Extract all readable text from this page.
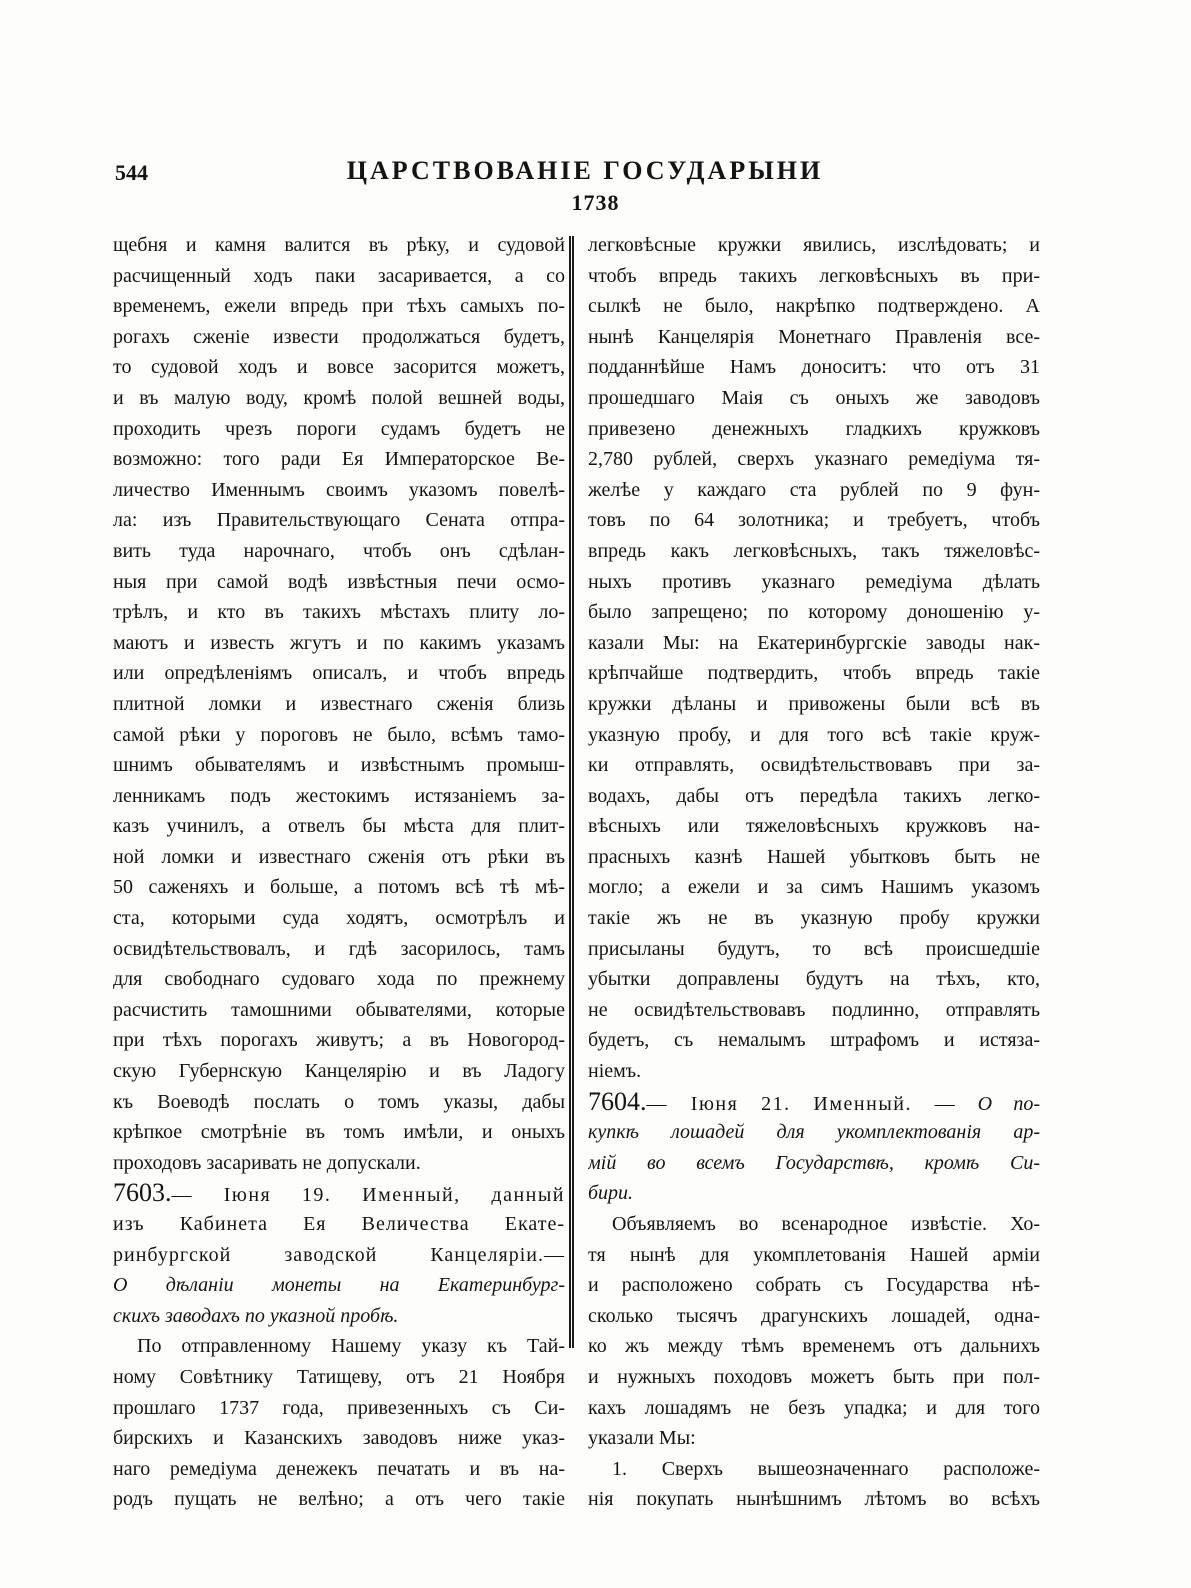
544	ЦАРСТВОВАНІЕ ГОСУДАРЫНИ
1738
щебня и камня валится въ рѣку, и судовой
расчищенный ходъ паки засаривается, а со
временемъ, ежели впредь при тѣхъ самыхъ по-
рогахъ сженіе извести продолжаться будетъ,
то судовой ходъ и вовсе засорится можетъ,
и въ малую воду, кромѣ полой вешней воды,
проходить чрезъ пороги судамъ будетъ не
возможно: того ради Ея Императорское Ве-
личество Именнымъ своимъ указомъ повелѣ-
ла: изъ Правительствующаго Сената отпра-
вить туда нарочнаго, чтобъ онъ сдѣлан-
ныя при самой водѣ извѣстныя печи осмо-
трѣлъ, и кто въ такихъ мѣстахъ плиту ло-
маютъ и известь жгутъ и по какимъ указамъ
или опредѣленіямъ описалъ, и чтобъ впредь
плитной ломки и известнаго сженія близь
самой рѣки у пороговъ не было, всѣмъ тамо-
шнимъ обывателямъ и извѣстнымъ промыш-
ленникамъ подъ жестокимъ истязаніемъ за-
казъ учинилъ, а отвелъ бы мѣста для плит-
ной ломки и известнаго сженія отъ рѣки въ
50 саженяхъ и больше, а потомъ всѣ тѣ мѣ-
ста, которыми суда ходятъ, осмотрѣлъ и
освидѣтельствовалъ, и гдѣ засорилось, тамъ
для свободнаго судоваго хода по прежнему
расчистить тамошними обывателями, которые
при тѣхъ порогахъ живутъ; а въ Новогород-
скую Губернскую Канцелярію и въ Ладогу
къ Воеводѣ послать о томъ указы, дабы
крѣпкое смотрѣніе въ томъ имѣли, и оныхъ
проходовъ засаривать не допускали.
7603.— Іюня 19. Именный, данный
изъ Кабинета Ея Величества Екате-
ринбургской заводской Канцеляріи.—
О дѣланіи монеты на Екатеринбург-
скихъ заводахъ по указной пробѣ.
По отправленному Нашему указу къ Тай-
ному Совѣтнику Татищеву, отъ 21 Ноября
прошлаго 1737 года, привезенныхъ съ Си-
бирскихъ и Казанскихъ заводовъ ниже указ-
наго ремедіума денежекъ печатать и въ на-
родъ пущать не велѣно; а отъ чего такіе
легковѣсные кружки явились, изслѣдовать; и
чтобъ впредь такихъ легковѣсныхъ въ при-
сылкѣ не было, накрѣпко подтверждено. А
нынѣ Канцелярія Монетнаго Правленія все-
подданнѣйше Намъ доноситъ: что отъ 31
прошедшаго Маія съ оныхъ же заводовъ
привезено денежныхъ гладкихъ кружковъ
2,780 рублей, сверхъ указнаго ремедіума тя-
желѣе у каждаго ста рублей по 9 фун-
товъ по 64 золотника; и требуетъ, чтобъ
впредь какъ легковѣсныхъ, такъ тяжеловѣс-
ныхъ противъ указнаго ремедіума дѣлать
было запрещено; по которому доношенію у-
казали Мы: на Екатеринбургскіе заводы нак-
крѣпчайше подтвердить, чтобъ впредь такіе
кружки дѣланы и привожены были всѣ въ
указную пробу, и для того всѣ такіе круж-
ки отправлять, освидѣтельствовавъ при за-
водахъ, дабы отъ передѣла такихъ легко-
вѣсныхъ или тяжеловѣсныхъ кружковъ на-
прасныхъ казнѣ Нашей убытковъ быть не
могло; а ежели и за симъ Нашимъ указомъ
такіе жъ не въ указную пробу кружки
присыланы будутъ, то всѣ происшедшіе
убытки доправлены будутъ на тѣхъ, кто,
не освидѣтельствовавъ подлинно, отправлять
будетъ, съ немалымъ штрафомъ и истяза-
ніемъ.
7604.— Іюня 21. Именный. — О по-
купкѣ лошадей для укомплектованія ар-
мій во всемъ Государствѣ, кромѣ Си-
бири.
Объявляемъ во всенародное извѣстіе. Хо-
тя нынѣ для укомплетованія Нашей арміи
и расположено собрать съ Государства нѣ-
сколько тысячъ драгунскихъ лошадей, одна-
ко жъ между тѣмъ временемъ отъ дальнихъ
и нужныхъ походовъ можетъ быть при пол-
кахъ лошадямъ не безъ упадка; и для того
указали Мы:
1. Сверхъ вышеозначеннаго расположе-
нія покупать нынѣшнимъ лѣтомъ во всѣхъ
